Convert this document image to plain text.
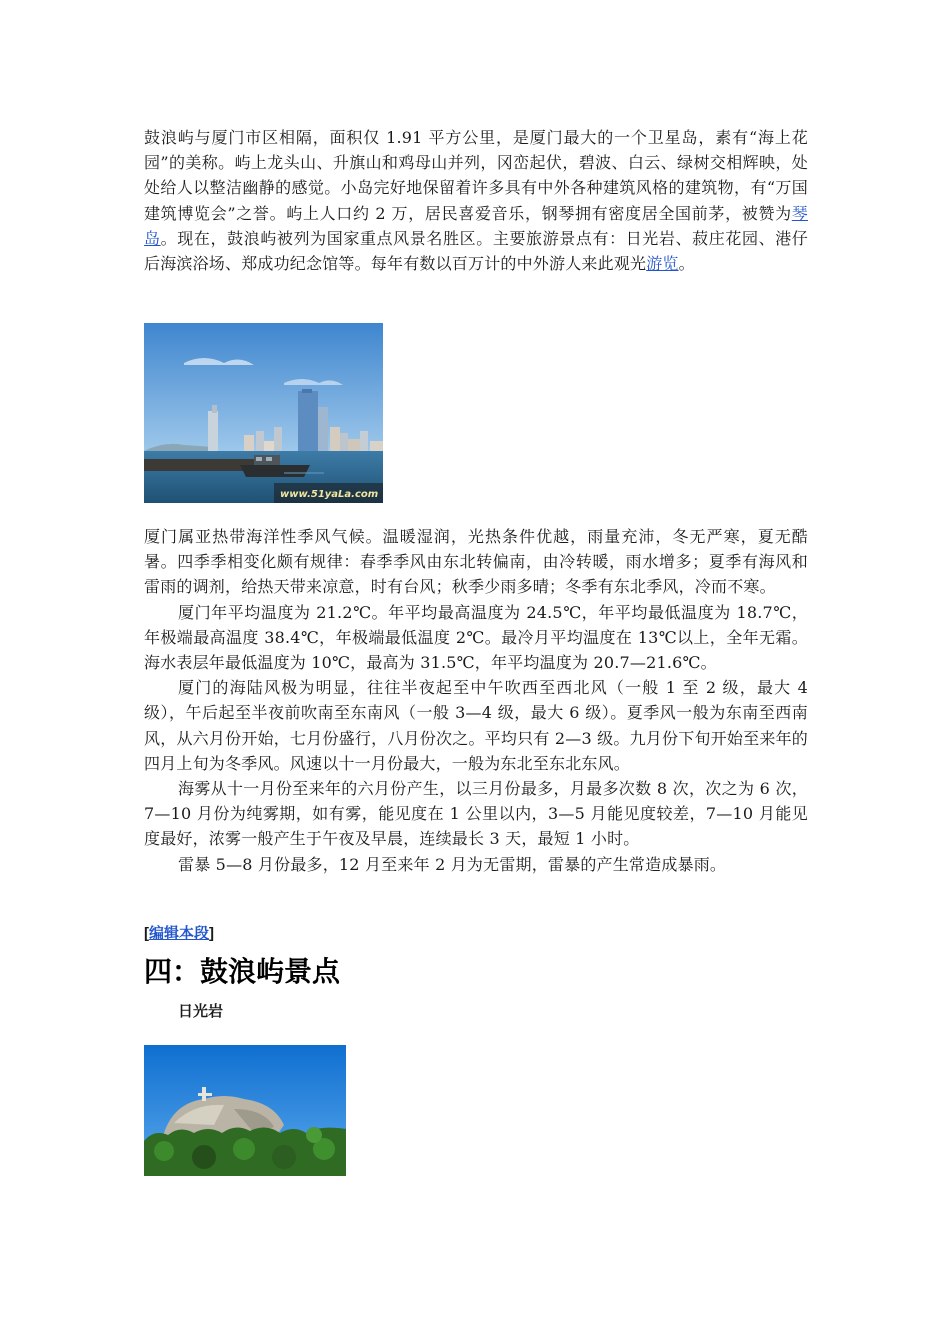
鼓浪屿与厦门市区相隔，面积仅 1.91 平方公里，是厦门最大的一个卫星岛，素有“海上花园”的美称。屿上龙头山、升旗山和鸡母山并列，冈峦起伏，碧波、白云、绿树交相辉映，处处给人以整洁幽静的感觉。小岛完好地保留着许多具有中外各种建筑风格的建筑物，有“万国建筑博览会”之誉。屿上人口约 2 万，居民喜爱音乐，钢琴拥有密度居全国前茅，被赞为琴岛。现在，鼓浪屿被列为国家重点风景名胜区。主要旅游景点有：日光岩、菽庄花园、港仔后海滨浴场、郑成功纪念馆等。每年有数以百万计的中外游人来此观光游览。

www.51yaLa.com

厦门属亚热带海洋性季风气候。温暖湿润，光热条件优越，雨量充沛，冬无严寒，夏无酷暑。四季季相变化颇有规律：春季季风由东北转偏南，由冷转暖，雨水增多；夏季有海风和雷雨的调剂，给热天带来凉意，时有台风；秋季少雨多晴；冬季有东北季风，冷而不寒。

厦门年平均温度为 21.2℃。年平均最高温度为 24.5℃，年平均最低温度为 18.7℃，年极端最高温度 38.4℃，年极端最低温度 2℃。最冷月平均温度在 13℃以上，全年无霜。海水表层年最低温度为 10℃，最高为 31.5℃，年平均温度为 20.7—21.6℃。

厦门的海陆风极为明显，往往半夜起至中午吹西至西北风（一般 1 至 2 级，最大 4 级），午后起至半夜前吹南至东南风（一般 3—4 级，最大 6 级）。夏季风一般为东南至西南风，从六月份开始，七月份盛行，八月份次之。平均只有 2—3 级。九月份下旬开始至来年的四月上旬为冬季风。风速以十一月份最大，一般为东北至东北东风。

海雾从十一月份至来年的六月份产生，以三月份最多，月最多次数 8 次，次之为 6 次，7—10 月份为纯雾期，如有雾，能见度在 1 公里以内，3—5 月能见度较差，7—10 月能见度最好，浓雾一般产生于午夜及早晨，连续最长 3 天，最短 1 小时。

雷暴 5—8 月份最多，12 月至来年 2 月为无雷期，雷暴的产生常造成暴雨。

[编辑本段]
四：鼓浪屿景点

日光岩
